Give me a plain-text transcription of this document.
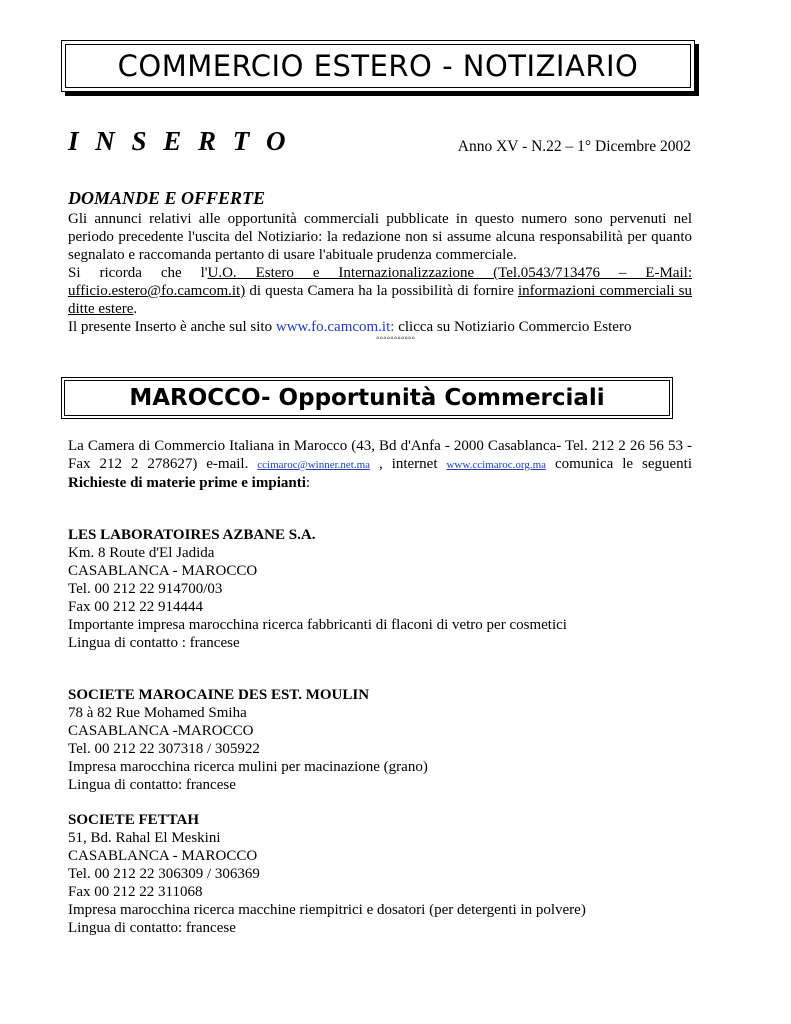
COMMERCIO ESTERO - NOTIZIARIO
I N S E R T O	Anno XV - N.22 – 1° Dicembre 2002
DOMANDE E OFFERTE

Gli annunci relativi alle opportunità commerciali pubblicate in questo numero sono pervenuti nel periodo precedente l'uscita del Notiziario: la redazione non si assume alcuna responsabilità per quanto segnalato e raccomanda pertanto di usare l'abituale prudenza commerciale.

Si ricorda che l'U.O. Estero e Internazionalizzazione (Tel.0543/713476 – E-Mail: ufficio.estero@fo.camcom.it) di questa Camera ha la possibilità di fornire informazioni commerciali su ditte estere.

Il presente Inserto è anche sul sito www.fo.camcom.it: clicca su Notiziario Commercio Estero

◦◦◦◦◦◦◦◦◦◦◦
MAROCCO- Opportunità Commerciali
La Camera di Commercio Italiana in Marocco (43, Bd d'Anfa - 2000 Casablanca- Tel. 212 2 26 56 53 - Fax 212 2 278627) e-mail. ccimaroc@winner.net.ma , internet www.ccimaroc.org.ma comunica le seguenti Richieste di materie prime e impianti:
LES LABORATOIRES AZBANE S.A.
Km. 8 Route d'El Jadida
CASABLANCA - MAROCCO
Tel. 00 212 22 914700/03
Fax 00 212 22 914444
Importante impresa marocchina ricerca fabbricanti di flaconi di vetro per cosmetici
Lingua di contatto : francese
SOCIETE MAROCAINE DES EST. MOULIN
78 à 82 Rue Mohamed Smiha
CASABLANCA -MAROCCO
Tel. 00 212 22 307318 / 305922
Impresa marocchina ricerca mulini per macinazione (grano)
Lingua di contatto: francese
SOCIETE FETTAH
51, Bd. Rahal El Meskini
CASABLANCA - MAROCCO
Tel. 00 212 22 306309 / 306369
Fax 00 212 22 311068
Impresa marocchina ricerca macchine riempitrici e dosatori (per detergenti in polvere)
Lingua di contatto: francese
